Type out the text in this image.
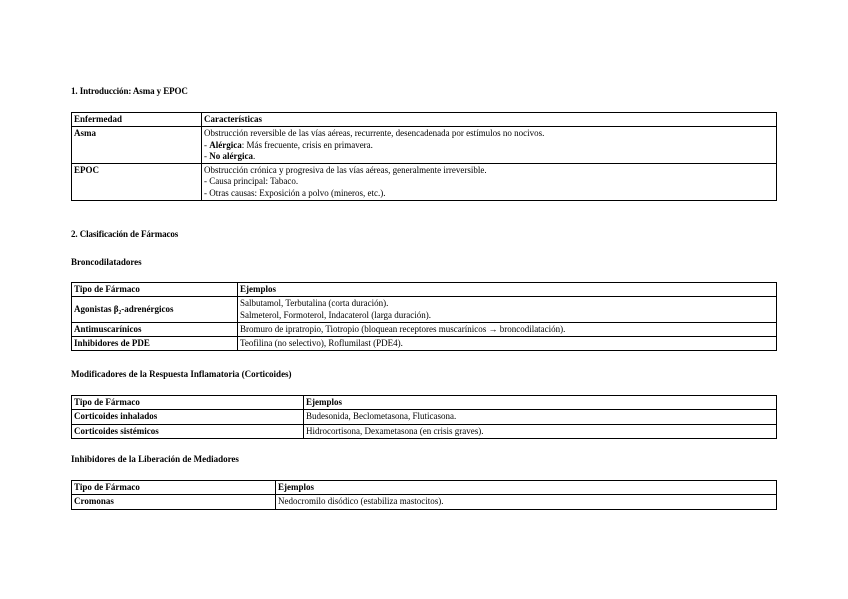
1. Introducción: Asma y EPOC
Enfermedad	Características
Asma	Obstrucción reversible de las vías aéreas, recurrente, desencadenada por estímulos no nocivos.
- Alérgica: Más frecuente, crisis en primavera.
- No alérgica.

EPOC	Obstrucción crónica y progresiva de las vías aéreas, generalmente irreversible.
- Causa principal: Tabaco.
- Otras causas: Exposición a polvo (mineros, etc.).
2. Clasificación de Fármacos
Broncodilatadores
Tipo de Fármaco	Ejemplos
Agonistas β₂-adrenérgicos	Salbutamol, Terbutalina (corta duración).
Salmeterol, Formoterol, Indacaterol (larga duración).

Antimuscarínicos	Bromuro de ipratropio, Tiotropio (bloquean receptores muscarínicos → broncodilatación).
Inhibidores de PDE	Teofilina (no selectivo), Roflumilast (PDE4).
Modificadores de la Respuesta Inflamatoria (Corticoides)
Tipo de Fármaco	Ejemplos
Corticoides inhalados	Budesonida, Beclometasona, Fluticasona.
Corticoides sistémicos	Hidrocortisona, Dexametasona (en crisis graves).
Inhibidores de la Liberación de Mediadores
Tipo de Fármaco	Ejemplos
Cromonas	Nedocromilo disódico (estabiliza mastocitos).
